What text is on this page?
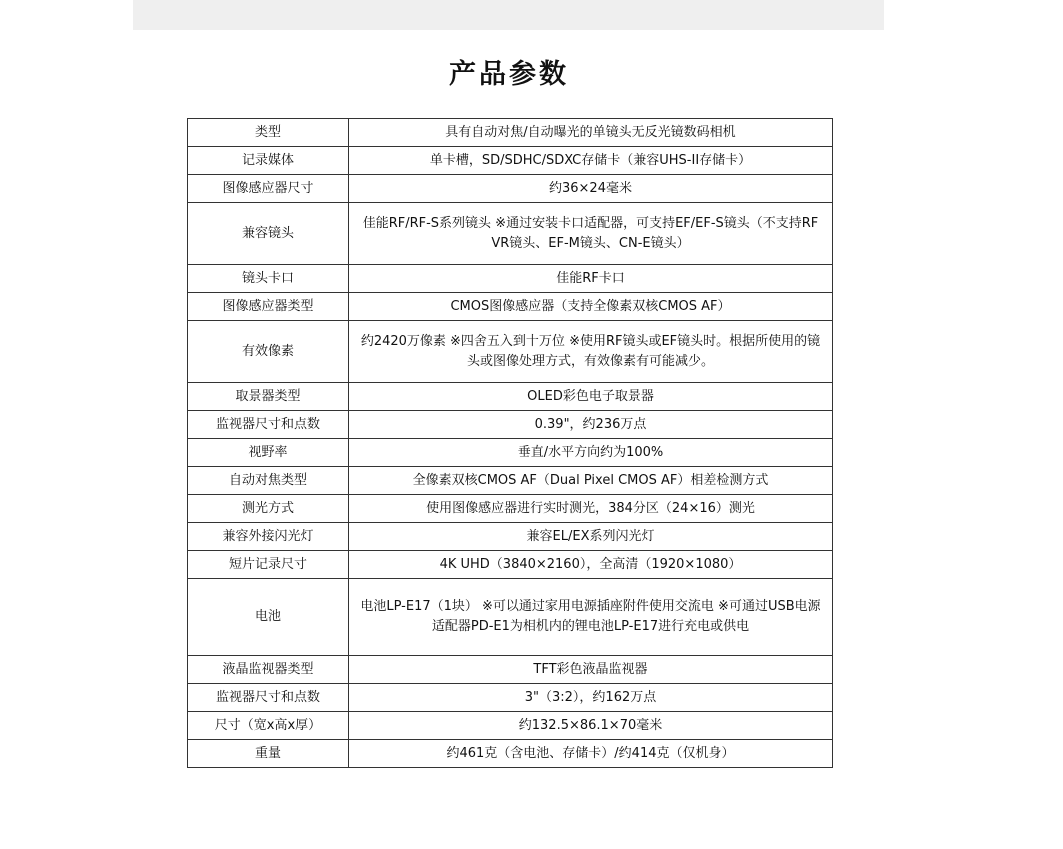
产品参数
类型	具有自动对焦/自动曝光的单镜头无反光镜数码相机
记录媒体	单卡槽，SD/SDHC/SDXC存储卡（兼容UHS-II存储卡）
图像感应器尺寸	约36×24毫米
兼容镜头	佳能RF/RF-S系列镜头 ※通过安装卡口适配器，可支持EF/EF-S镜头（不支持RF VR镜头、EF-M镜头、CN-E镜头）
镜头卡口	佳能RF卡口
图像感应器类型	CMOS图像感应器（支持全像素双核CMOS AF）
有效像素	约2420万像素 ※四舍五入到十万位 ※使用RF镜头或EF镜头时。根据所使用的镜头或图像处理方式，有效像素有可能减少。
取景器类型	OLED彩色电子取景器
监视器尺寸和点数	0.39"，约236万点
视野率	垂直/水平方向约为100%
自动对焦类型	全像素双核CMOS AF（Dual Pixel CMOS AF）相差检测方式
测光方式	使用图像感应器进行实时测光，384分区（24×16）测光
兼容外接闪光灯	兼容EL/EX系列闪光灯
短片记录尺寸	4K UHD（3840×2160），全高清（1920×1080）
电池	电池LP-E17（1块） ※可以通过家用电源插座附件使用交流电 ※可通过USB电源适配器PD-E1为相机内的锂电池LP-E17进行充电或供电
液晶监视器类型	TFT彩色液晶监视器
监视器尺寸和点数	3"（3:2），约162万点
尺寸（宽x高x厚）	约132.5×86.1×70毫米
重量	约461克（含电池、存储卡）/约414克（仅机身）
